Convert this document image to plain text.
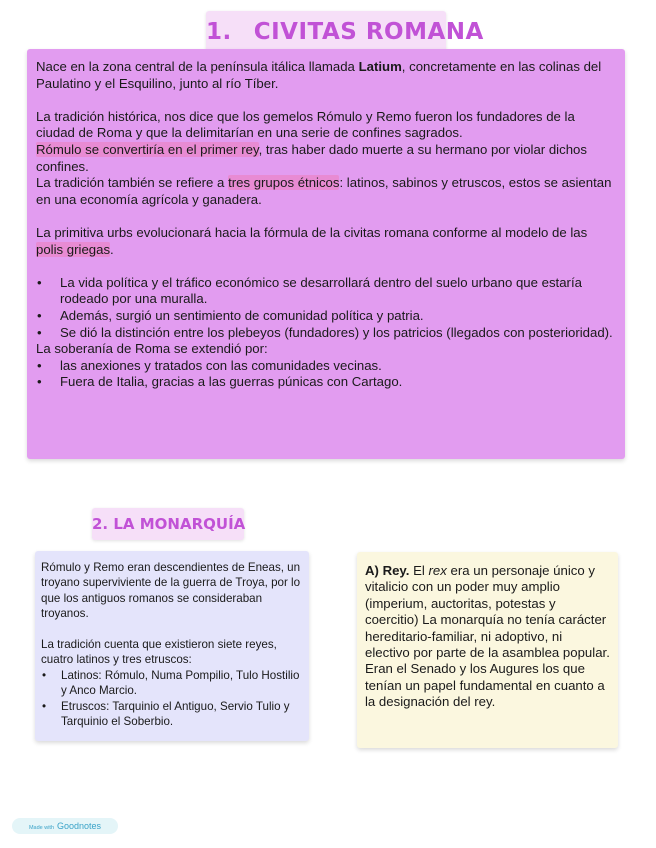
1. CIVITAS ROMANA

Nace en la zona central de la península itálica llamada Latium, concretamente en las colinas del Paulatino y el Esquilino, junto al río Tíber.

La tradición histórica, nos dice que los gemelos Rómulo y Remo fueron los fundadores de la ciudad de Roma y que la delimitarían en una serie de confines sagrados.

Rómulo se convertiría en el primer rey, tras haber dado muerte a su hermano por violar dichos confines.

La tradición también se refiere a tres grupos étnicos: latinos, sabinos y etruscos, estos se asientan en una economía agrícola y ganadera.

La primitiva urbs evolucionará hacia la fórmula de la civitas romana conforme al modelo de las polis griegas.

• La vida política y el tráfico económico se desarrollará dentro del suelo urbano que estaría rodeado por una muralla.
• Además, surgió un sentimiento de comunidad política y patria.
• Se dió la distinción entre los plebeyos (fundadores) y los patricios (llegados con posterioridad).

La soberanía de Roma se extendió por:

• las anexiones y tratados con las comunidades vecinas.
• Fuera de Italia, gracias a las guerras púnicas con Cartago.
2. LA MONARQUÍA

Rómulo y Remo eran descendientes de Eneas, un troyano superviviente de la guerra de Troya, por lo que los antiguos romanos se consideraban troyanos.

La tradición cuenta que existieron siete reyes, cuatro latinos y tres etruscos:

• Latinos: Rómulo, Numa Pompilio, Tulo Hostilio y Anco Marcio.
• Etruscos: Tarquinio el Antiguo, Servio Tulio y Tarquinio el Soberbio.

A) Rey. El rex era un personaje único y vitalicio con un poder muy amplio (imperium, auctoritas, potestas y coercitio) La monarquía no tenía carácter hereditario-familiar, ni adoptivo, ni electivo por parte de la asamblea popular. Eran el Senado y los Augures los que tenían un papel fundamental en cuanto a la designación del rey.

Made with Goodnotes
